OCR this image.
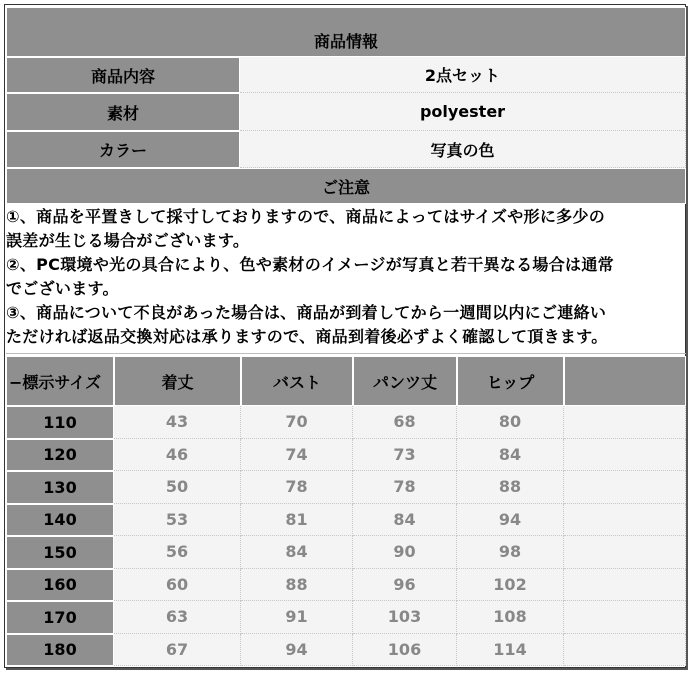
商品情報
商品内容	2点セット
素材	polyester
カラー	写真の色
ご注意
①、商品を平置きして採寸しておりますので、商品によってはサイズや形に多少の
誤差が生じる場合がございます。
②、PC環境や光の具合により、色や素材のイメージが写真と若干異なる場合は通常
でございます。
③、商品について不良があった場合は、商品が到着してから一週間以内にご連絡い
ただければ返品交換対応は承りますので、商品到着後必ずよく確認して頂きます。
−標示サイズ	着丈	バスト	パンツ丈	ヒップ
110	43	70	68	80
120	46	74	73	84
130	50	78	78	88
140	53	81	84	94
150	56	84	90	98
160	60	88	96	102
170	63	91	103	108
180	67	94	106	114
